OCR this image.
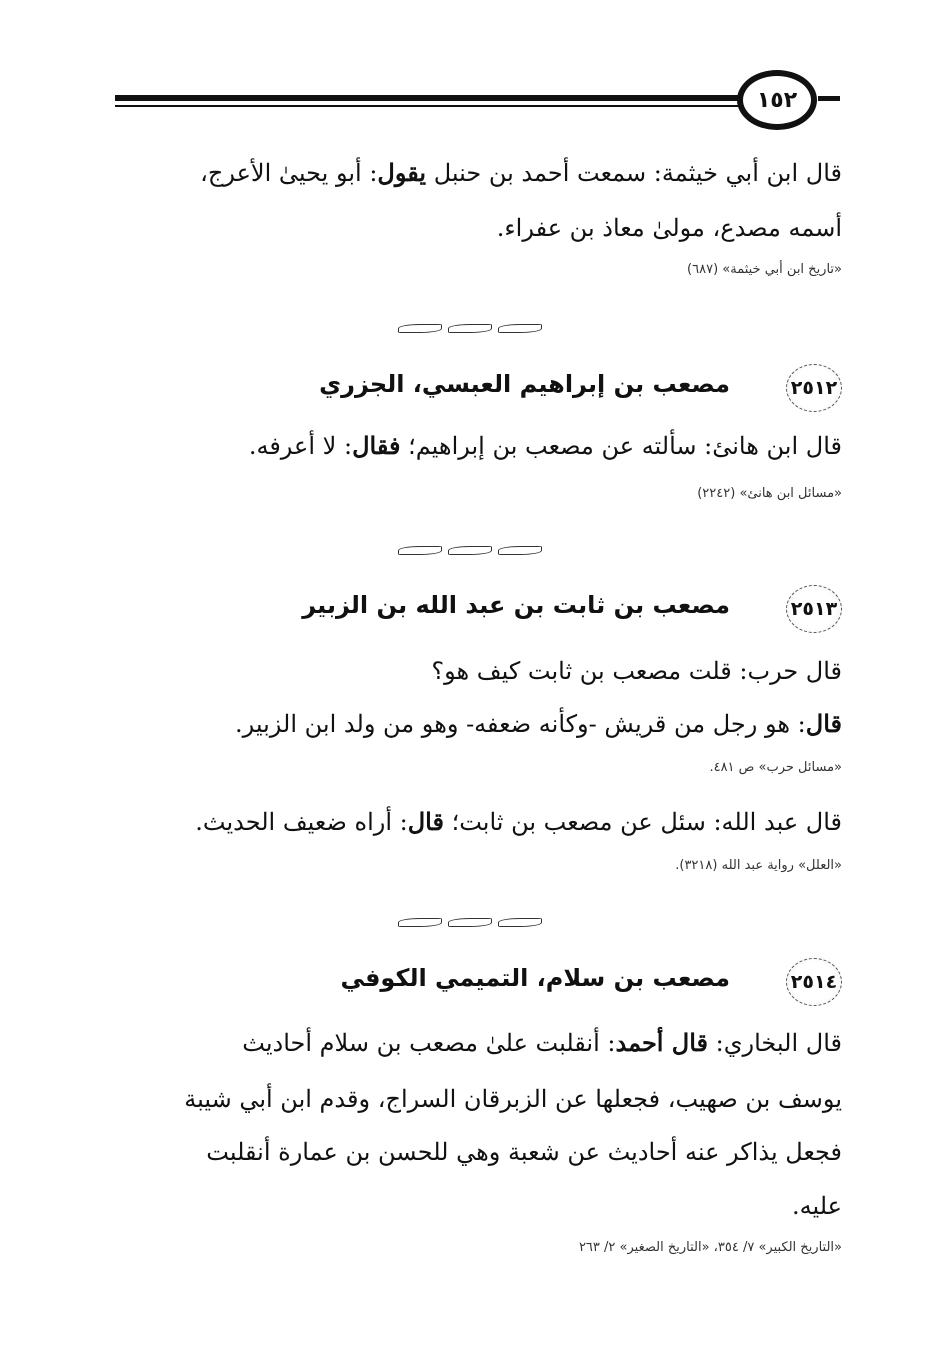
١٥٢
قال ابن أبي خيثمة: سمعت أحمد بن حنبل يقول: أبو يحيىٰ الأعرج،
أسمه مصدع، مولىٰ معاذ بن عفراء.
«تاريخ ابن أبي خيثمة» (٦٨٧)
٢٥١٢
مصعب بن إبراهيم العبسي، الجزري
قال ابن هانئ: سألته عن مصعب بن إبراهيم؛ فقال: لا أعرفه.
«مسائل ابن هانئ» (٢٢٤٢)
٢٥١٣
مصعب بن ثابت بن عبد الله بن الزبير
قال حرب: قلت مصعب بن ثابت كيف هو؟
قال: هو رجل من قريش -وكأنه ضعفه- وهو من ولد ابن الزبير.
«مسائل حرب» ص ٤٨١.
قال عبد الله: سئل عن مصعب بن ثابت؛ قال: أراه ضعيف الحديث.
«العلل» رواية عبد الله (٣٢١٨).
٢٥١٤
مصعب بن سلام، التميمي الكوفي
قال البخاري: قال أحمد: أنقلبت علىٰ مصعب بن سلام أحاديث
يوسف بن صهيب، فجعلها عن الزبرقان السراج، وقدم ابن أبي شيبة
فجعل يذاكر عنه أحاديث عن شعبة وهي للحسن بن عمارة أنقلبت
عليه.
«التاريخ الكبير» ٧/ ٣٥٤، «التاريخ الصغير» ٢/ ٢٦٣
